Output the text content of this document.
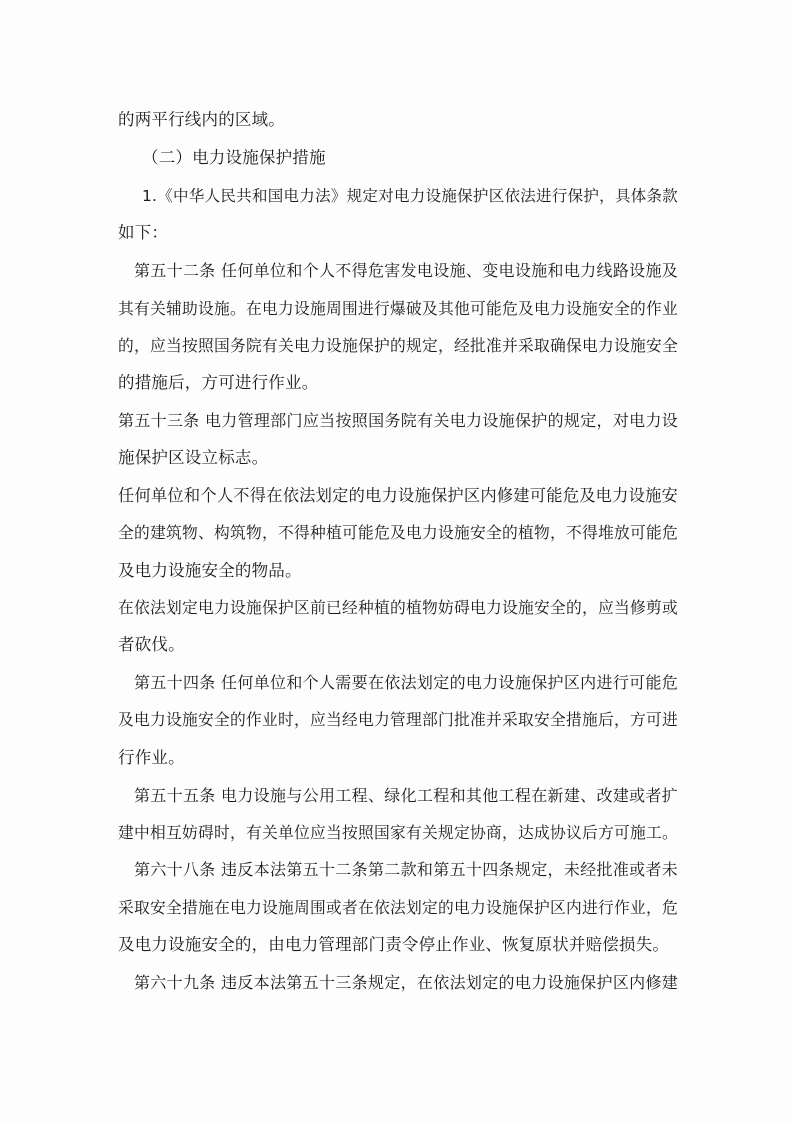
的两平行线内的区域。
（二）电力设施保护措施
1.《中华人民共和国电力法》规定对电力设施保护区依法进行保护，具体条款
如下：
第五十二条 任何单位和个人不得危害发电设施、变电设施和电力线路设施及
其有关辅助设施。在电力设施周围进行爆破及其他可能危及电力设施安全的作业
的，应当按照国务院有关电力设施保护的规定，经批准并采取确保电力设施安全
的措施后，方可进行作业。
第五十三条 电力管理部门应当按照国务院有关电力设施保护的规定，对电力设
施保护区设立标志。
任何单位和个人不得在依法划定的电力设施保护区内修建可能危及电力设施安
全的建筑物、构筑物，不得种植可能危及电力设施安全的植物，不得堆放可能危
及电力设施安全的物品。
在依法划定电力设施保护区前已经种植的植物妨碍电力设施安全的，应当修剪或
者砍伐。
第五十四条 任何单位和个人需要在依法划定的电力设施保护区内进行可能危
及电力设施安全的作业时，应当经电力管理部门批准并采取安全措施后，方可进
行作业。
第五十五条 电力设施与公用工程、绿化工程和其他工程在新建、改建或者扩
建中相互妨碍时，有关单位应当按照国家有关规定协商，达成协议后方可施工。
第六十八条 违反本法第五十二条第二款和第五十四条规定，未经批准或者未
采取安全措施在电力设施周围或者在依法划定的电力设施保护区内进行作业，危
及电力设施安全的，由电力管理部门责令停止作业、恢复原状并赔偿损失。
第六十九条 违反本法第五十三条规定，在依法划定的电力设施保护区内修建
